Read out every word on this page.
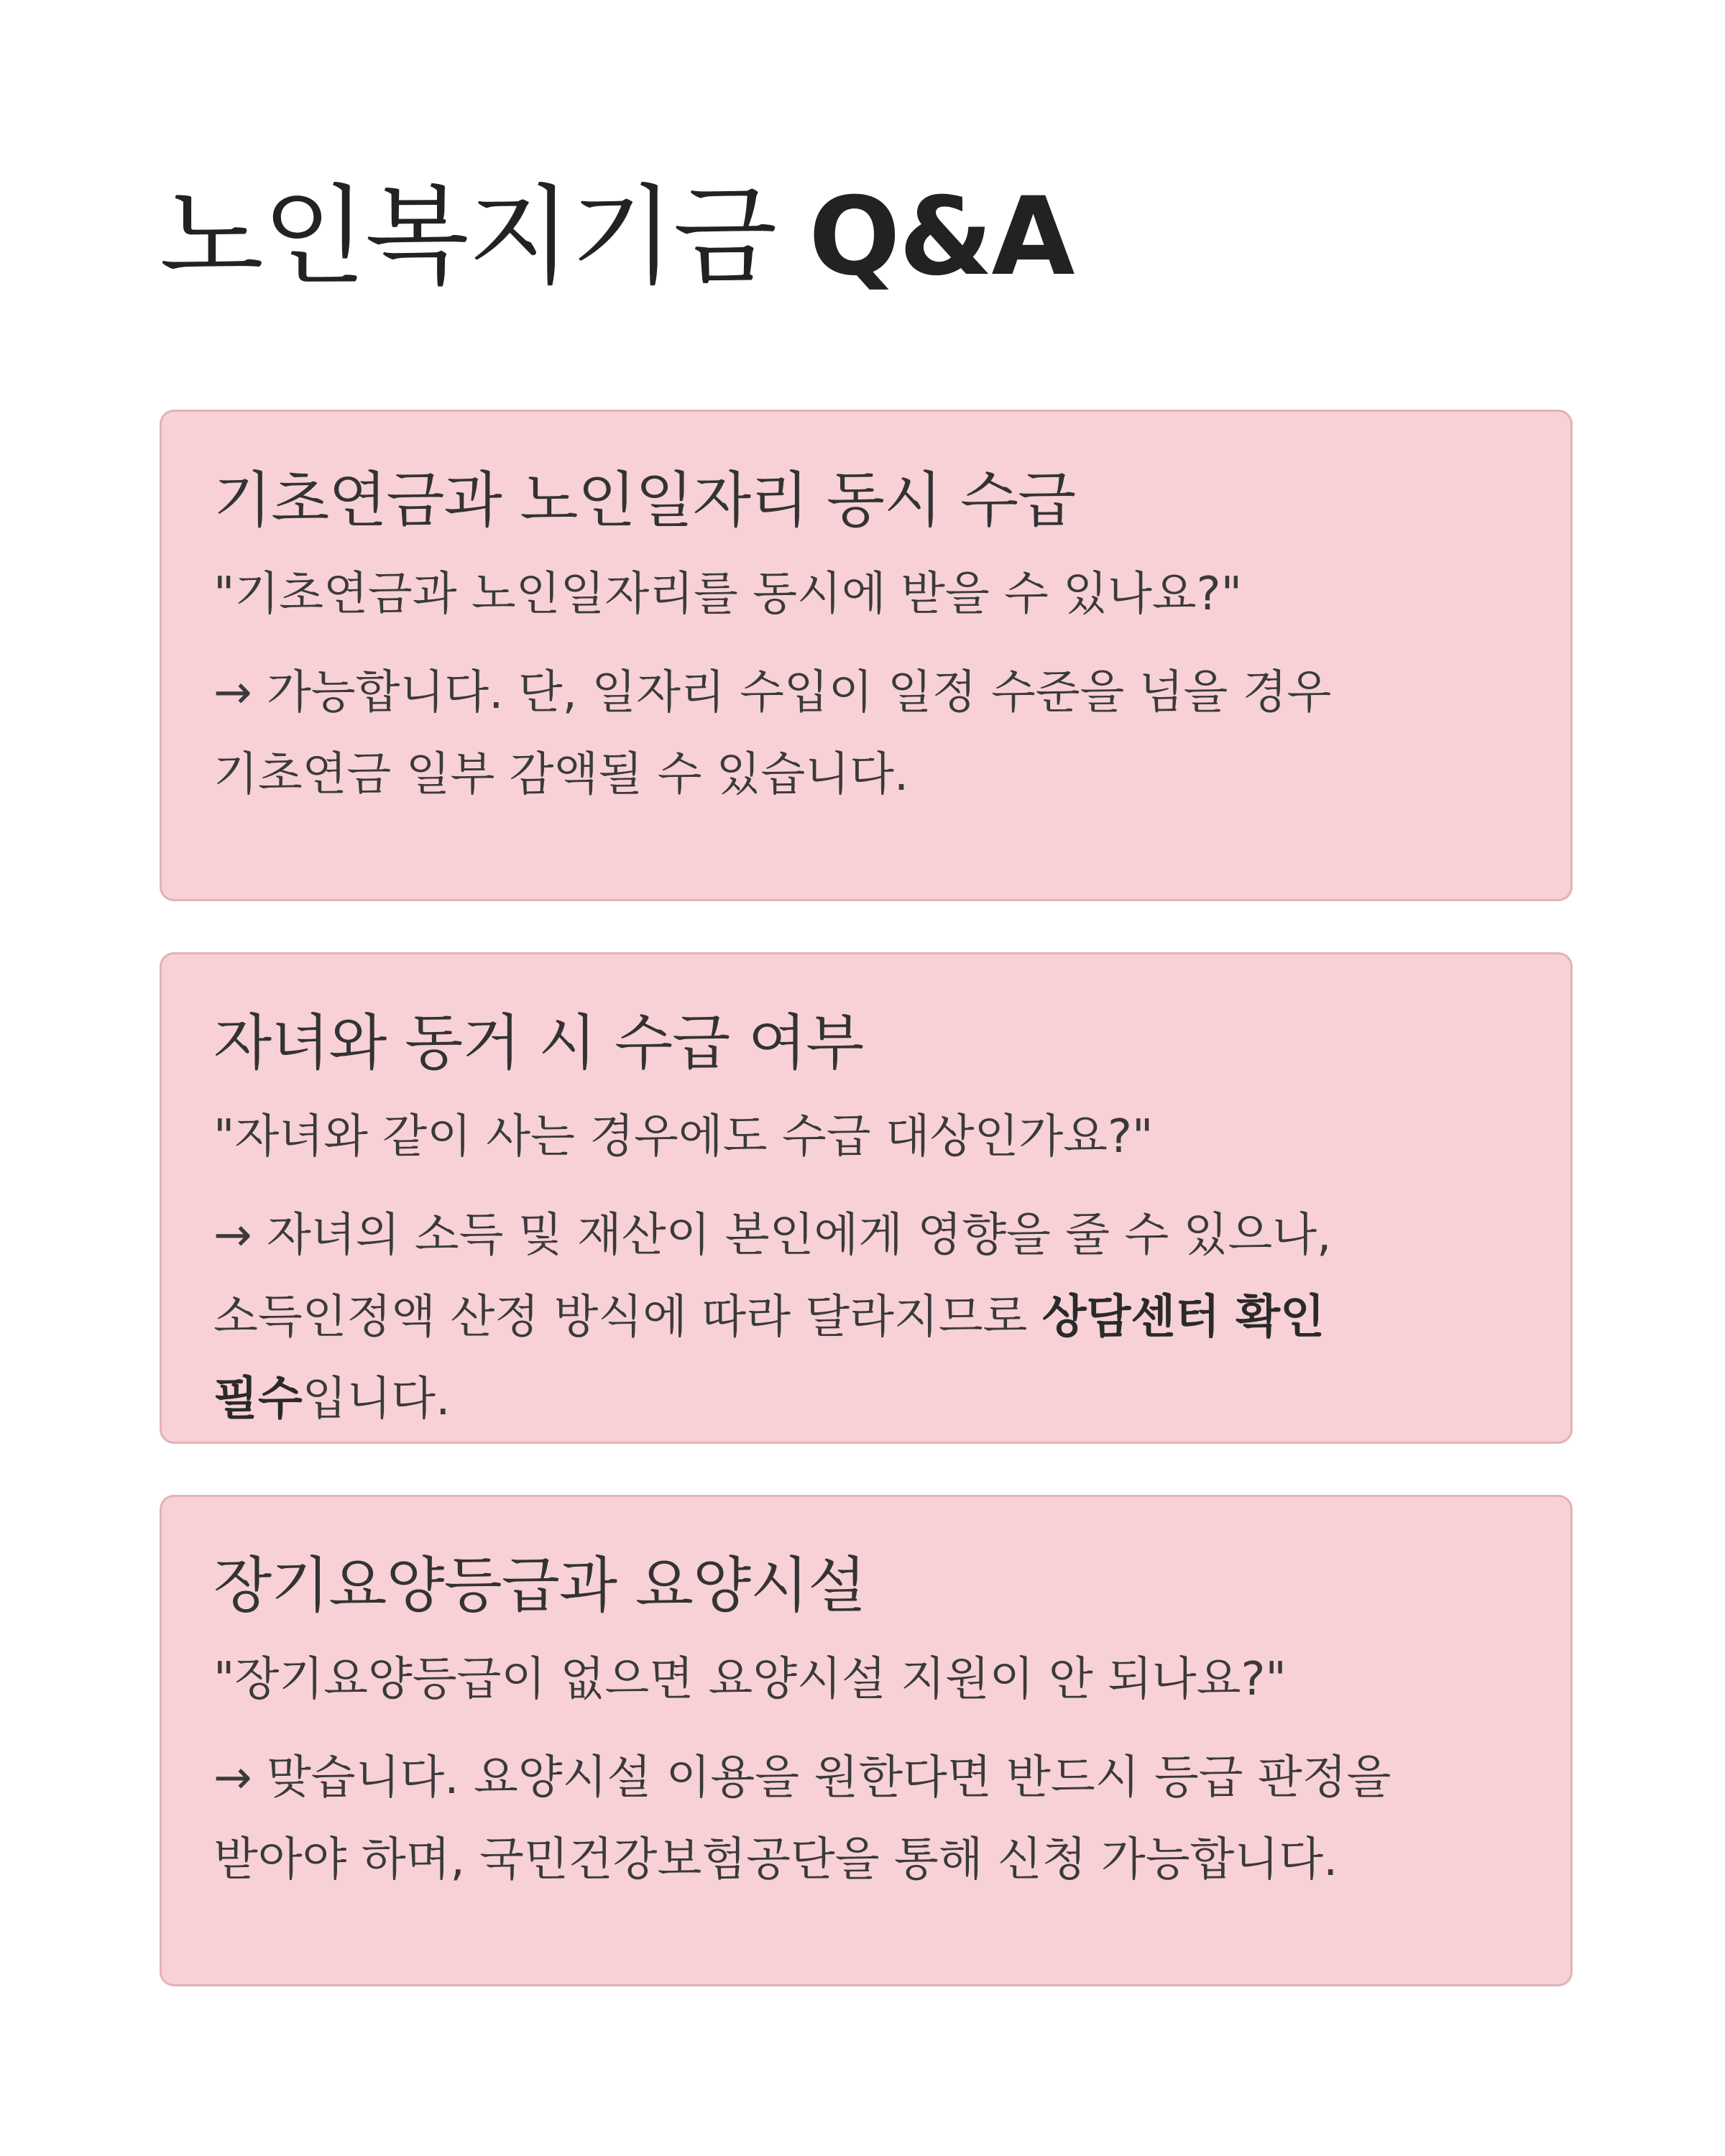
노인복지기금 Q&A
기초연금과 노인일자리 동시 수급

"기초연금과 노인일자리를 동시에 받을 수 있나요?"

→ 가능합니다. 단, 일자리 수입이 일정 수준을 넘을 경우 기초연금 일부 감액될 수 있습니다.

자녀와 동거 시 수급 여부

"자녀와 같이 사는 경우에도 수급 대상인가요?"

→ 자녀의 소득 및 재산이 본인에게 영향을 줄 수 있으나, 소득인정액 산정 방식에 따라 달라지므로 상담센터 확인 필수입니다.

장기요양등급과 요양시설

"장기요양등급이 없으면 요양시설 지원이 안 되나요?"

→ 맞습니다. 요양시설 이용을 원한다면 반드시 등급 판정을 받아야 하며, 국민건강보험공단을 통해 신청 가능합니다.
